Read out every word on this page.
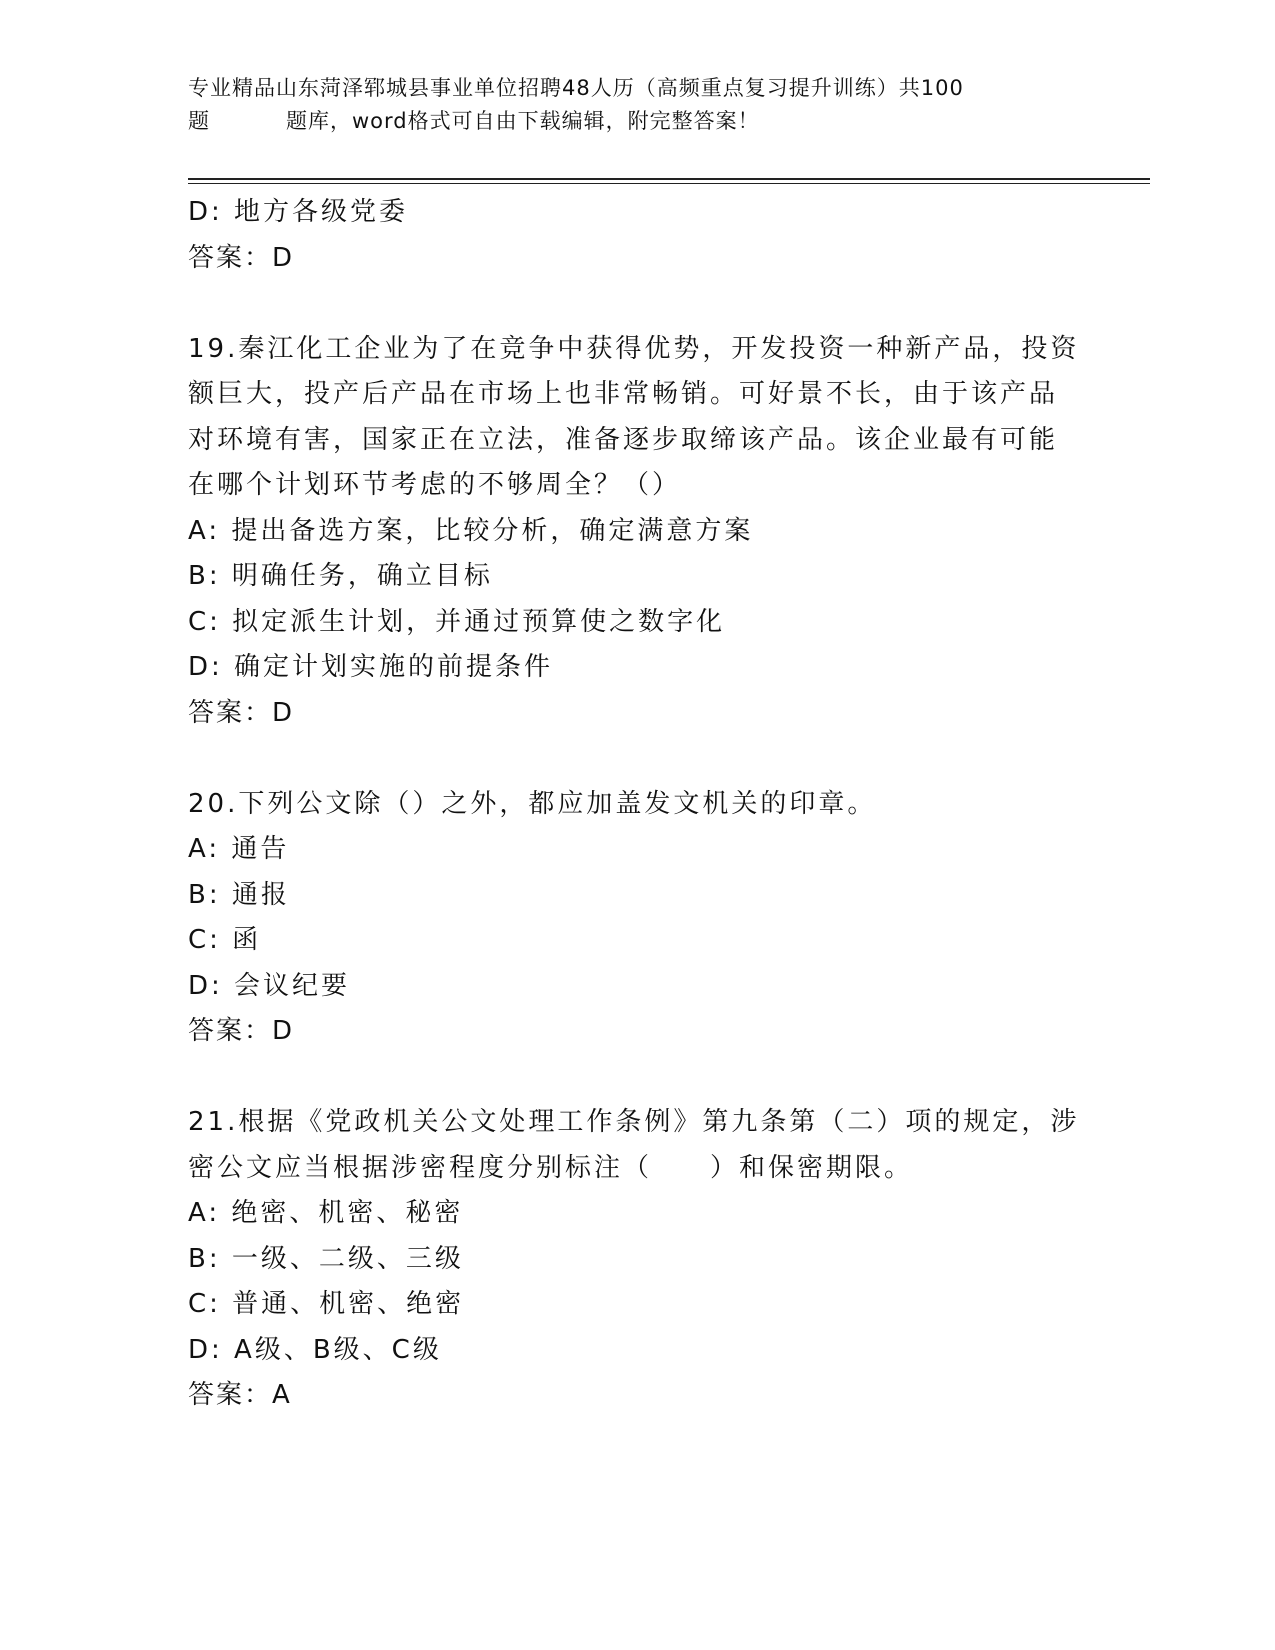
专业精品山东菏泽郓城县事业单位招聘48人历（高频重点复习提升训练）共100
题	题库，word格式可自由下载编辑，附完整答案！
D: 地方各级党委
答案：D
19.秦江化工企业为了在竞争中获得优势，开发投资一种新产品，投资
额巨大，投产后产品在市场上也非常畅销。可好景不长，由于该产品
对环境有害，国家正在立法，准备逐步取缔该产品。该企业最有可能
在哪个计划环节考虑的不够周全？（）
A: 提出备选方案，比较分析，确定满意方案
B: 明确任务，确立目标
C: 拟定派生计划，并通过预算使之数字化
D: 确定计划实施的前提条件
答案：D
20.下列公文除（）之外，都应加盖发文机关的印章。
A: 通告
B: 通报
C: 函
D: 会议纪要
答案：D
21.根据《党政机关公文处理工作条例》第九条第（二）项的规定，涉
密公文应当根据涉密程度分别标注（　　）和保密期限。
A: 绝密、机密、秘密
B: 一级、二级、三级
C: 普通、机密、绝密
D: A级、B级、C级
答案：A
